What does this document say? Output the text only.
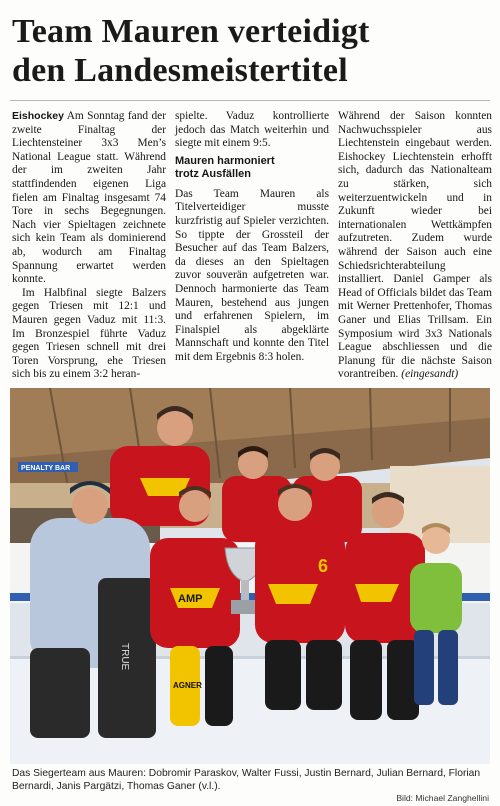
Team Mauren verteidigt
den Landesmeistertitel

Eishockey Am Sonntag fand der zweite Finaltag der Liechtensteiner 3x3 Men’s National League statt. Während der im zweiten Jahr stattfindenden eigenen Liga fielen am Finaltag insgesamt 74 Tore in sechs Begegnungen. Nach vier Spieltagen zeichnete sich kein Team als dominierend ab, wodurch am Finaltag Spannung erwartet werden konnte.

Im Halbfinal siegte Balzers gegen Triesen mit 12:1 und Mauren gegen Vaduz mit 11:3. Im Bronzespiel führte Vaduz gegen Triesen schnell mit drei Toren Vorsprung, ehe Triesen sich bis zu einem 3:2 heran-

spielte. Vaduz kontrollierte jedoch das Match weiterhin und siegte mit einem 9:5.

Mauren harmoniert
trotz Ausfällen

Das Team Mauren als Titelverteidiger musste kurzfristig auf Spieler verzichten. So tippte der Grossteil der Besucher auf das Team Balzers, da dieses an den Spieltagen zuvor souverän aufgetreten war. Dennoch harmonierte das Team Mauren, bestehend aus jungen und erfahrenen Spielern, im Finalspiel als abgeklärte Mannschaft und konnte den Titel mit dem Ergebnis 8:3 holen.

Während der Saison konnten Nachwuchsspieler aus Liechtenstein eingebaut werden. Eishockey Liechtenstein erhofft sich, dadurch das Nationalteam zu stärken, sich weiterzuentwickeln und in Zukunft wieder bei internationalen Wettkämpfen aufzutreten. Zudem wurde während der Saison auch eine Schiedsrichterabteilung installiert. Daniel Gamper als Head of Officials bildet das Team mit Werner Prettenhofer, Thomas Ganer und Elias Trillsam. Ein Symposium wird 3x3 Nationals League abschliessen und die Planung für die nächste Saison vorantreiben. (eingesandt)

PENALTY BAR
TRUE
AMP
AGNER
6
Das Siegerteam aus Mauren: Dobromir Paraskov, Walter Fussi, Justin Bernard, Julian Bernard, Florian
Bernardi, Janis Pargätzi, Thomas Ganer (v.l.).
Bild: Michael Zanghellini
